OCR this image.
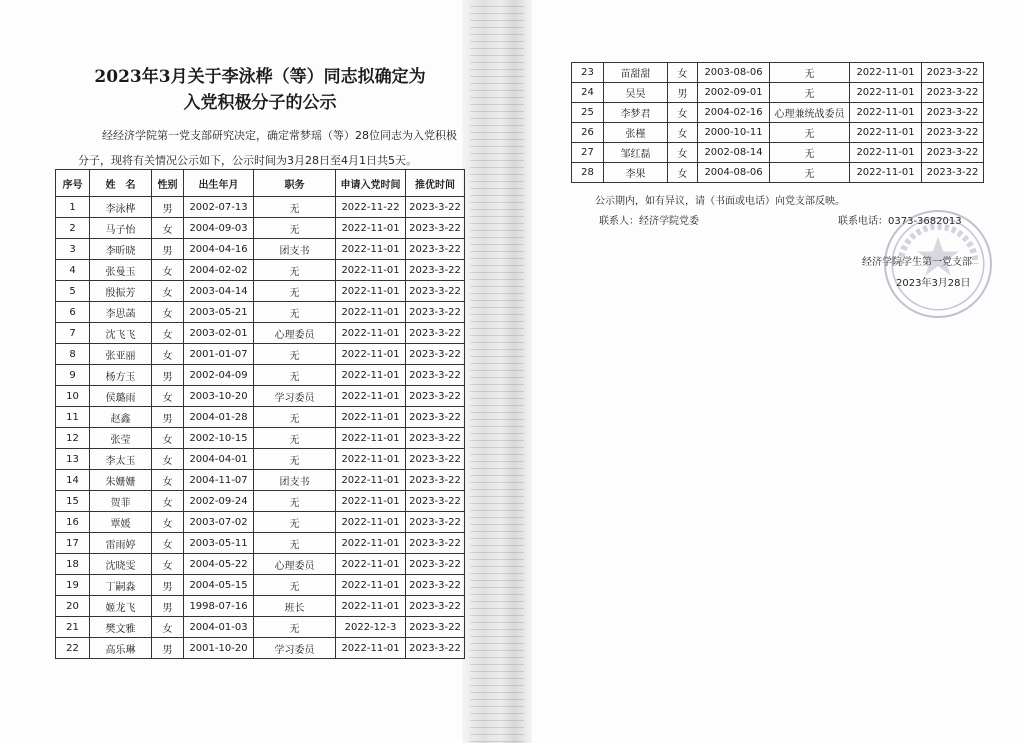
2023年3月关于李泳桦（等）同志拟确定为
入党积极分子的公示
经经济学院第一党支部研究决定，确定常梦瑶（等）28位同志为入党积极
分子，现将有关情况公示如下，公示时间为3月28日至4月1日共5天。
序号	姓　名	性别	出生年月	职务	申请入党时间	推优时间
1	李泳桦	男	2002-07-13	无	2022-11-22	2023-3-22
2	马子怡	女	2004-09-03	无	2022-11-01	2023-3-22
3	李昕晓	男	2004-04-16	团支书	2022-11-01	2023-3-22
4	张曼玉	女	2004-02-02	无	2022-11-01	2023-3-22
5	殷振芳	女	2003-04-14	无	2022-11-01	2023-3-22
6	李思菡	女	2003-05-21	无	2022-11-01	2023-3-22
7	沈飞飞	女	2003-02-01	心理委员	2022-11-01	2023-3-22
8	张亚丽	女	2001-01-07	无	2022-11-01	2023-3-22
9	杨方玉	男	2002-04-09	无	2022-11-01	2023-3-22
10	侯璐雨	女	2003-10-20	学习委员	2022-11-01	2023-3-22
11	赵鑫	男	2004-01-28	无	2022-11-01	2023-3-22
12	张莹	女	2002-10-15	无	2022-11-01	2023-3-22
13	李太玉	女	2004-04-01	无	2022-11-01	2023-3-22
14	朱姗姗	女	2004-11-07	团支书	2022-11-01	2023-3-22
15	贺菲	女	2002-09-24	无	2022-11-01	2023-3-22
16	覃媛	女	2003-07-02	无	2022-11-01	2023-3-22
17	雷雨婷	女	2003-05-11	无	2022-11-01	2023-3-22
18	沈晓雯	女	2004-05-22	心理委员	2022-11-01	2023-3-22
19	丁嗣淼	男	2004-05-15	无	2022-11-01	2023-3-22
20	姬龙飞	男	1998-07-16	班长	2022-11-01	2023-3-22
21	樊文雅	女	2004-01-03	无	2022-12-3	2023-3-22
22	高乐琳	男	2001-10-20	学习委员	2022-11-01	2023-3-22
23	苗甜甜	女	2003-08-06	无	2022-11-01	2023-3-22
24	吴昊	男	2002-09-01	无	2022-11-01	2023-3-22
25	李梦君	女	2004-02-16	心理兼统战委员	2022-11-01	2023-3-22
26	张槿	女	2000-10-11	无	2022-11-01	2023-3-22
27	邹红磊	女	2002-08-14	无	2022-11-01	2023-3-22
28	李果	女	2004-08-06	无	2022-11-01	2023-3-22
公示期内，如有异议，请（书面或电话）向党支部反映。
联系人：经济学院党委	联系电话：0373-3682013
经济学院学生第一党支部
2023年3月28日
